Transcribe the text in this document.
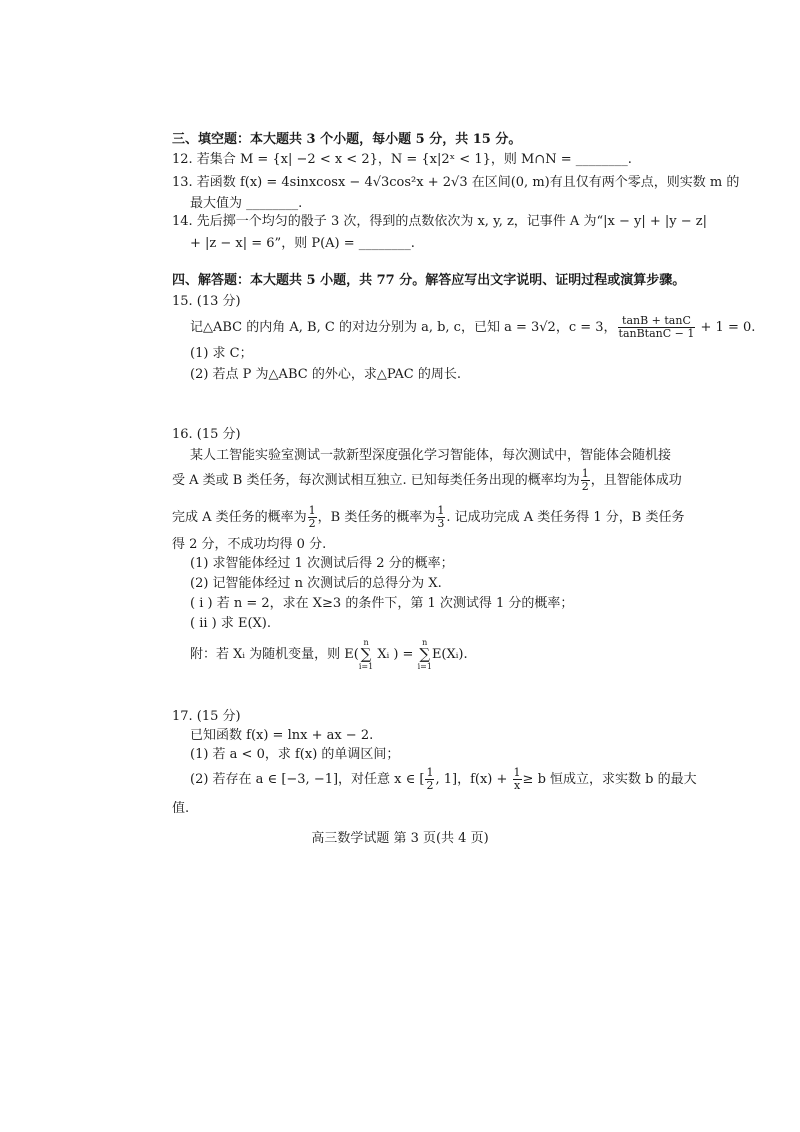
三、填空题：本大题共 3 个小题，每小题 5 分，共 15 分。
12. 若集合 M = {x| −2 < x < 2}，N = {x|2ˣ < 1}，则 M∩N = ________.
13. 若函数 f(x) = 4sinxcosx − 4√3cos²x + 2√3 在区间(0, m)有且仅有两个零点，则实数 m 的
最大值为 ________.
14. 先后掷一个均匀的骰子 3 次，得到的点数依次为 x, y, z，记事件 A 为“|x − y| + |y − z|
+ |z − x| = 6”，则 P(A) = ________.
四、解答题：本大题共 5 小题，共 77 分。解答应写出文字说明、证明过程或演算步骤。
15. (13 分)
记△ABC 的内角 A, B, C 的对边分别为 a, b, c，已知 a = 3√2，c = 3， $\frac{\tan B + \tan C}{\text{tanBtanC − 1}} + 1 = 0$.
(1) 求 C；
(2) 若点 P 为△ABC 的外心，求△PAC 的周长.
16. (15 分)
某人工智能实验室测试一款新型深度强化学习智能体，每次测试中，智能体会随机接
受 A 类或 B 类任务，每次测试相互独立. 已知每类任务出现的概率均为 $\frac{1}{2}$ ，且智能体成功
完成 A 类任务的概率为 $\frac{1}{2}$ ，B 类任务的概率为 $\frac{1}{3}$ . 记成功完成 A 类任务得 1 分，B 类任务
得 2 分，不成功均得 0 分.
(1) 求智能体经过 1 次测试后得 2 分的概率；
(2) 记智能体经过 n 次测试后的总得分为 X.
( i ) 若 n = 2，求在 X≥3 的条件下，第 1 次测试得 1 分的概率；
( ii ) 求 E(X).
附：若 Xᵢ 为随机变量，则 E(
n
∑
i=1
Xᵢ ) =
n
∑
i=1
E(Xᵢ).
17. (15 分)
已知函数 f(x) = lnx + ax − 2.
(1) 若 a < 0，求 f(x) 的单调区间；
(2) 若存在 a ∈ [−3, −1]，对任意 x ∈ [ $\frac{1}{2}$ , 1]，$f(x) + \frac{1}{x} \ge b$ 恒成立，求实数 b 的最大
值.
高三数学试题 第 3 页(共 4 页)
